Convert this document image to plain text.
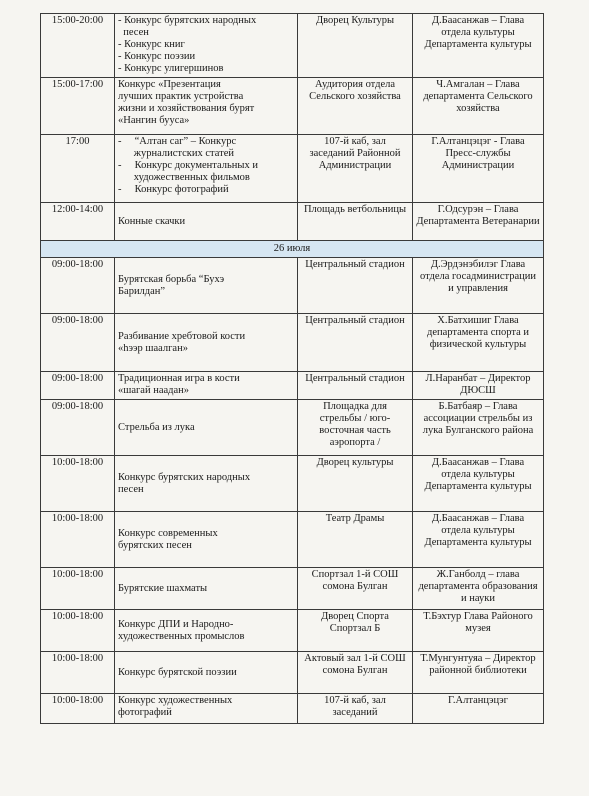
15:00-20:00	- Конкурс бурятских народных
песен
- Конкурс книг
- Конкурс поэзии
- Конкурс улигершинов	Дворец Культуры	Д.Баасанжав – Глава отдела культуры Департамента культуры
15:00-17:00	Конкурс «Презентация
лучших практик устройства
жизни и хозяйствования бурят
«Нангин бууса»	Аудитория отдела Сельского хозяйства	Ч.Амгалан – Глава департамента Сельского хозяйства
17:00	-     “Алтан саг” – Конкурс
журналистских статей
-     Конкурс документальных и
художественных фильмов
-     Конкурс фотографий	107-й каб, зал заседаний Районной Администрации	Г.Алтанцэцэг - Глава Пресс-службы Администрации
12:00-14:00	Конные скачки	Площадь ветбольницы	Г.Одсурэн – Глава Департамента Ветеранарии
26 июля			
09:00-18:00	Бурятская борьба “Бухэ
Барилдан”	Центральный стадион	Д.Эрдэнэбилэг Глава отдела госадминистрации и управления
09:00-18:00	Разбивание хребтовой кости
«hээр шаалган»	Центральный стадион	Х.Батхишиг Глава департамента спорта и физической культуры
09:00-18:00	Традиционная игра в кости
«шагай наадан»	Центральный стадион	Л.Наранбат – Директор ДЮСШ
09:00-18:00	Стрельба из лука	Площадка для стрельбы / юго-восточная часть аэропорта /	Б.Батбаяр – Глава ассоциации стрельбы из лука Булганского района
10:00-18:00	Конкурс бурятских народных
песен	Дворец культуры	Д.Баасанжав – Глава отдела культуры Департамента культуры
10:00-18:00	Конкурс современных
бурятских песен	Театр Драмы	Д.Баасанжав – Глава отдела культуры Департамента культуры
10:00-18:00	Бурятские шахматы	Спортзал 1-й СОШ сомона Булган	Ж.Ганболд – глава департамента образования и науки
10:00-18:00	Конкурс ДПИ и Народно-
художественных промыслов	Дворец Спорта Спортзал Б	Т.Бэхтур Глава Районого музея
10:00-18:00	Конкурс бурятской поэзии	Актовый зал 1-й СОШ сомона Булган	Т.Мунгунтуяа – Директор районной библиотеки
10:00-18:00	Конкурс художественных
фотографий	107-й каб, зал заседаний	Г.Алтанцэцэг
